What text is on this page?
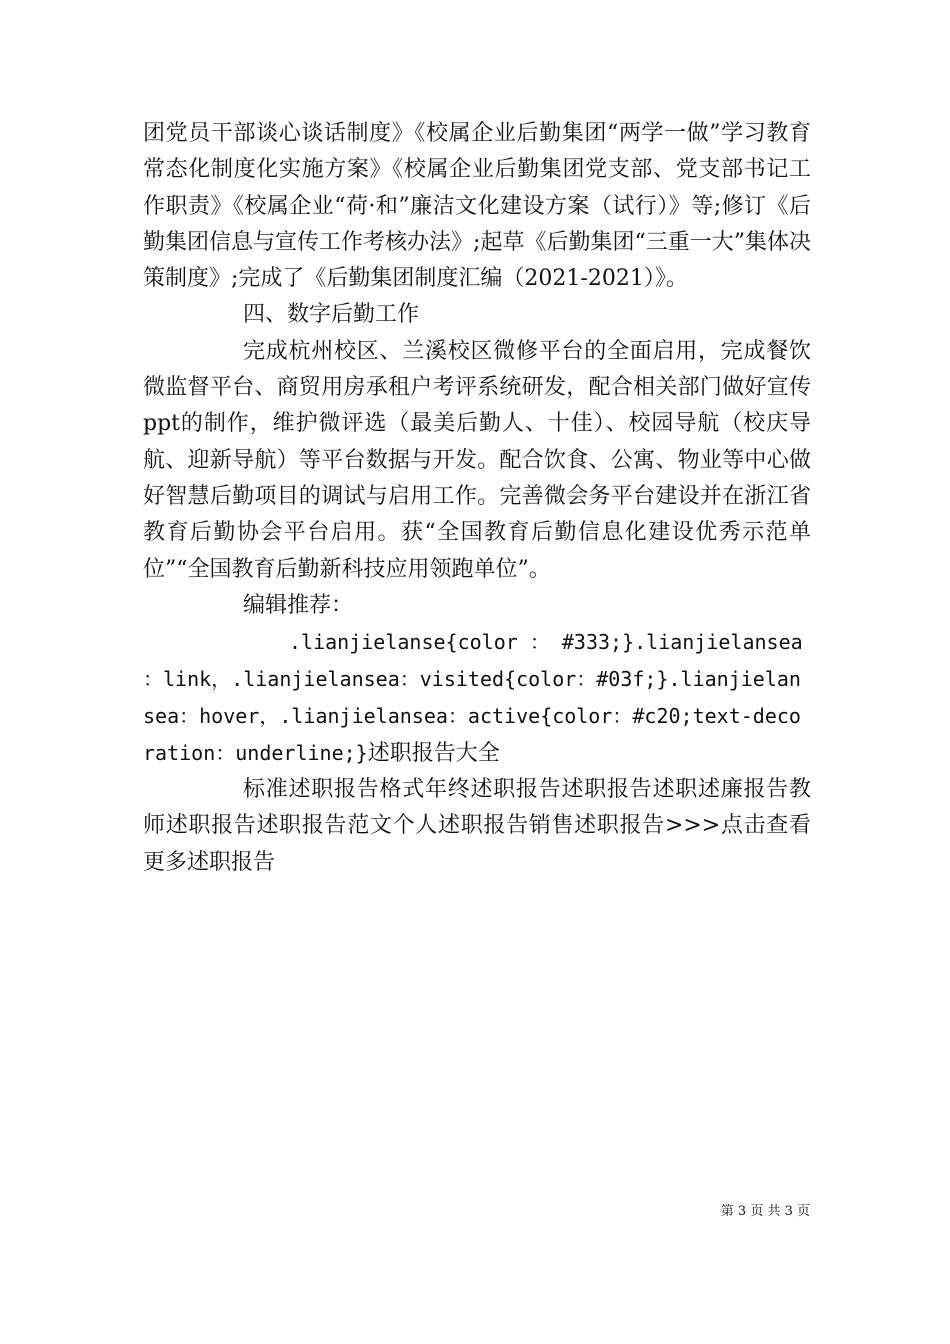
团党员干部谈心谈话制度》《校属企业后勤集团“两学一做”学习教育常态化制度化实施方案》《校属企业后勤集团党支部、党支部书记工作职责》《校属企业“荷·和”廉洁文化建设方案（试行）》等;修订《后勤集团信息与宣传工作考核办法》;起草《后勤集团“三重一大”集体决策制度》;完成了《后勤集团制度汇编（2021-2021）》。

四、数字后勤工作

完成杭州校区、兰溪校区微修平台的全面启用，完成餐饮微监督平台、商贸用房承租户考评系统研发，配合相关部门做好宣传ppt的制作，维护微评选（最美后勤人、十佳）、校园导航（校庆导航、迎新导航）等平台数据与开发。配合饮食、公寓、物业等中心做好智慧后勤项目的调试与启用工作。完善微会务平台建设并在浙江省教育后勤协会平台启用。获“全国教育后勤信息化建设优秀示范单位”“全国教育后勤新科技应用领跑单位”。

编辑推荐：

.lianjielanse{color ： #333;}.lianjielansea ：link，.lianjielansea：visited{color：#03f;}.lianjielansea：hover，.lianjielansea：active{color：#c20;text-decoration：underline;}述职报告大全

标准述职报告格式年终述职报告述职报告述职述廉报告教师述职报告述职报告范文个人述职报告销售述职报告>>>点击查看更多述职报告

第 3 页 共 3 页
